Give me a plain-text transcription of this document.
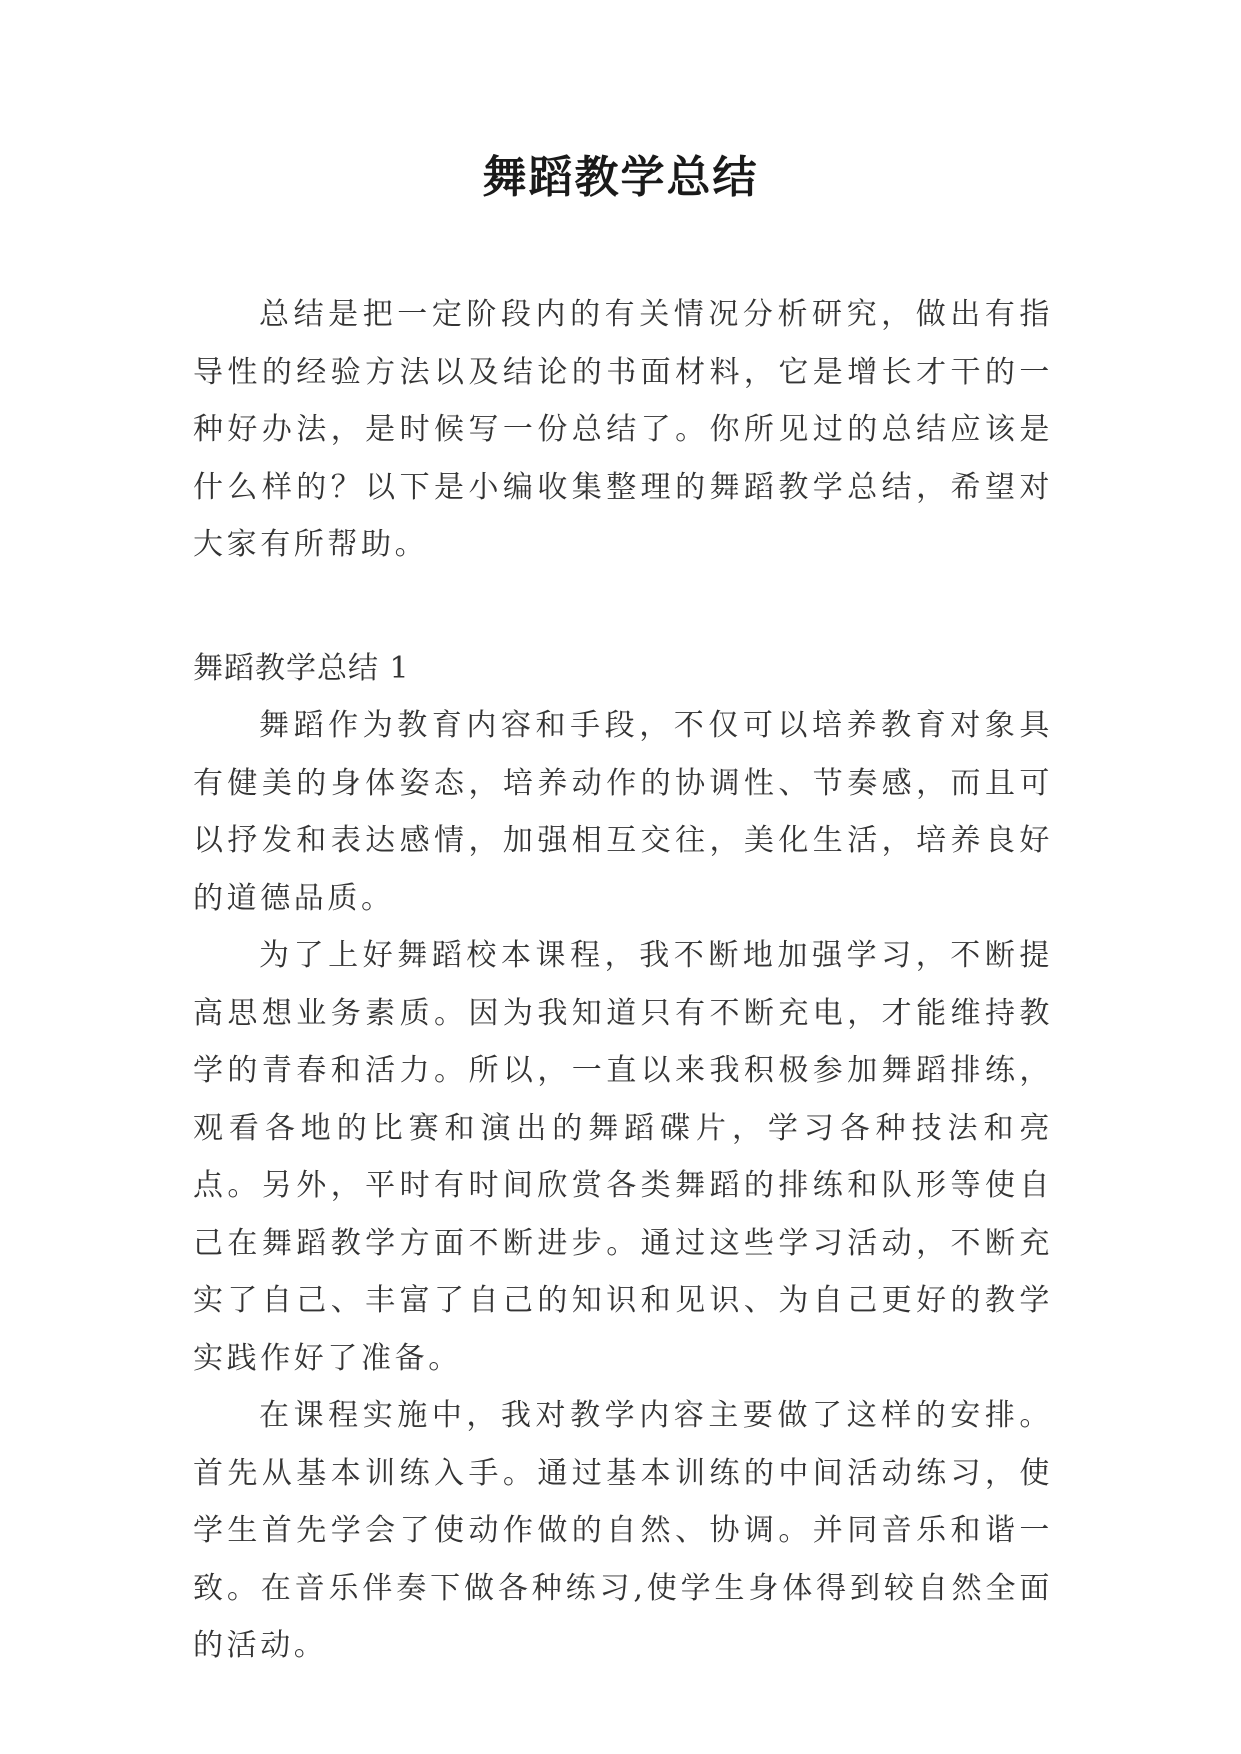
舞蹈教学总结

总结是把一定阶段内的有关情况分析研究，做出有指导性的经验方法以及结论的书面材料，它是增长才干的一种好办法，是时候写一份总结了。你所见过的总结应该是什么样的？以下是小编收集整理的舞蹈教学总结，希望对大家有所帮助。

舞蹈教学总结 1

舞蹈作为教育内容和手段，不仅可以培养教育对象具有健美的身体姿态，培养动作的协调性、节奏感，而且可以抒发和表达感情，加强相互交往，美化生活，培养良好的道德品质。

为了上好舞蹈校本课程，我不断地加强学习，不断提高思想业务素质。因为我知道只有不断充电，才能维持教学的青春和活力。所以，一直以来我积极参加舞蹈排练，观看各地的比赛和演出的舞蹈碟片，学习各种技法和亮点。另外，平时有时间欣赏各类舞蹈的排练和队形等使自己在舞蹈教学方面不断进步。通过这些学习活动，不断充实了自己、丰富了自己的知识和见识、为自己更好的教学实践作好了准备。

在课程实施中，我对教学内容主要做了这样的安排。首先从基本训练入手。通过基本训练的中间活动练习，使学生首先学会了使动作做的自然、协调。并同音乐和谐一致。在音乐伴奏下做各种练习,使学生身体得到较自然全面的活动。
